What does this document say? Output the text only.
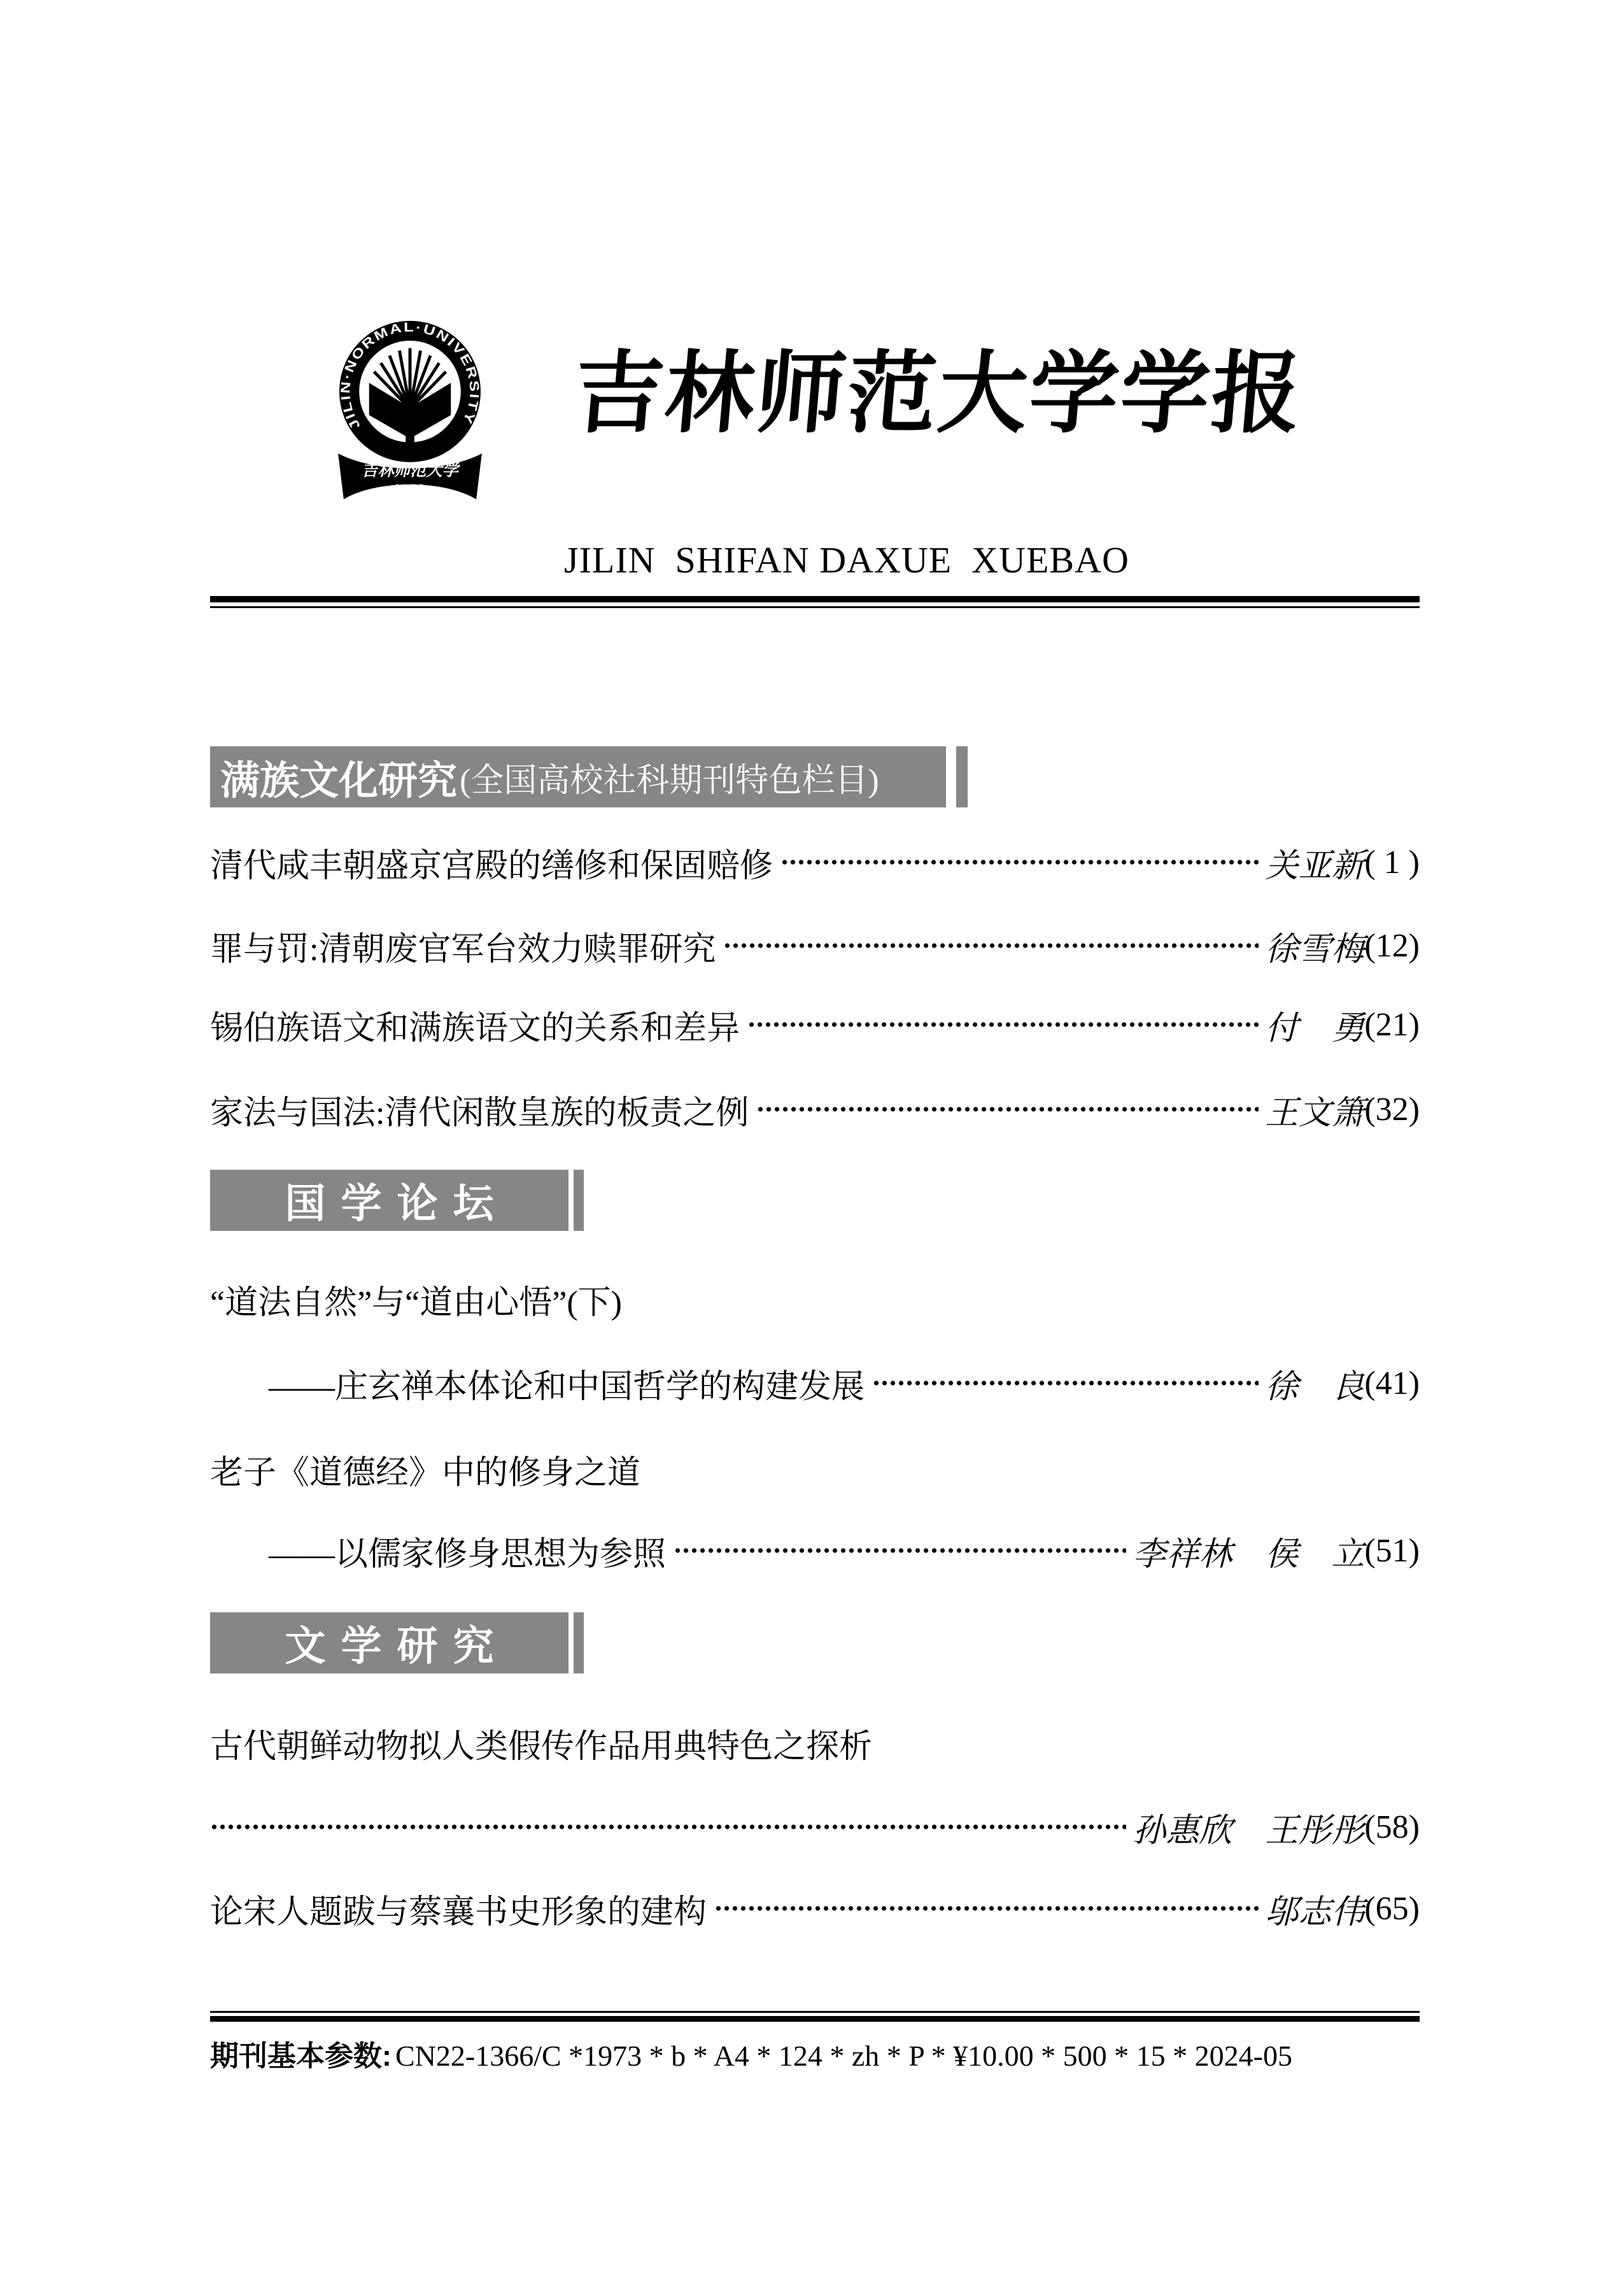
JILIN·NORMAL·UNIVERSITY
吉林师范大学
1958
吉林师范大学学报
JILIN  SHIFAN DAXUE  XUEBAO
满族文化研究 (全国高校社科期刊特色栏目)
清代咸丰朝盛京宫殿的缮修和保固赔修	关亚新 ( 1 )
罪与罚:清朝废官军台效力赎罪研究	徐雪梅 (12)
锡伯族语文和满族语文的关系和差异	付　勇 (21)
家法与国法:清代闲散皇族的板责之例	王文箫 (32)
国 学 论 坛
“道法自然”与“道由心悟”(下)
——庄玄禅本体论和中国哲学的构建发展	徐　良 (41)
老子《道德经》中的修身之道
——以儒家修身思想为参照	李祥林　侯　立 (51)
文 学 研 究
古代朝鲜动物拟人类假传作品用典特色之探析
孙惠欣　王彤彤 (58)
论宋人题跋与蔡襄书史形象的建构	邬志伟 (65)
期刊基本参数: CN22-1366/C *1973 * b * A4 * 124 * zh * P * ¥10.00 * 500 * 15 * 2024-05
